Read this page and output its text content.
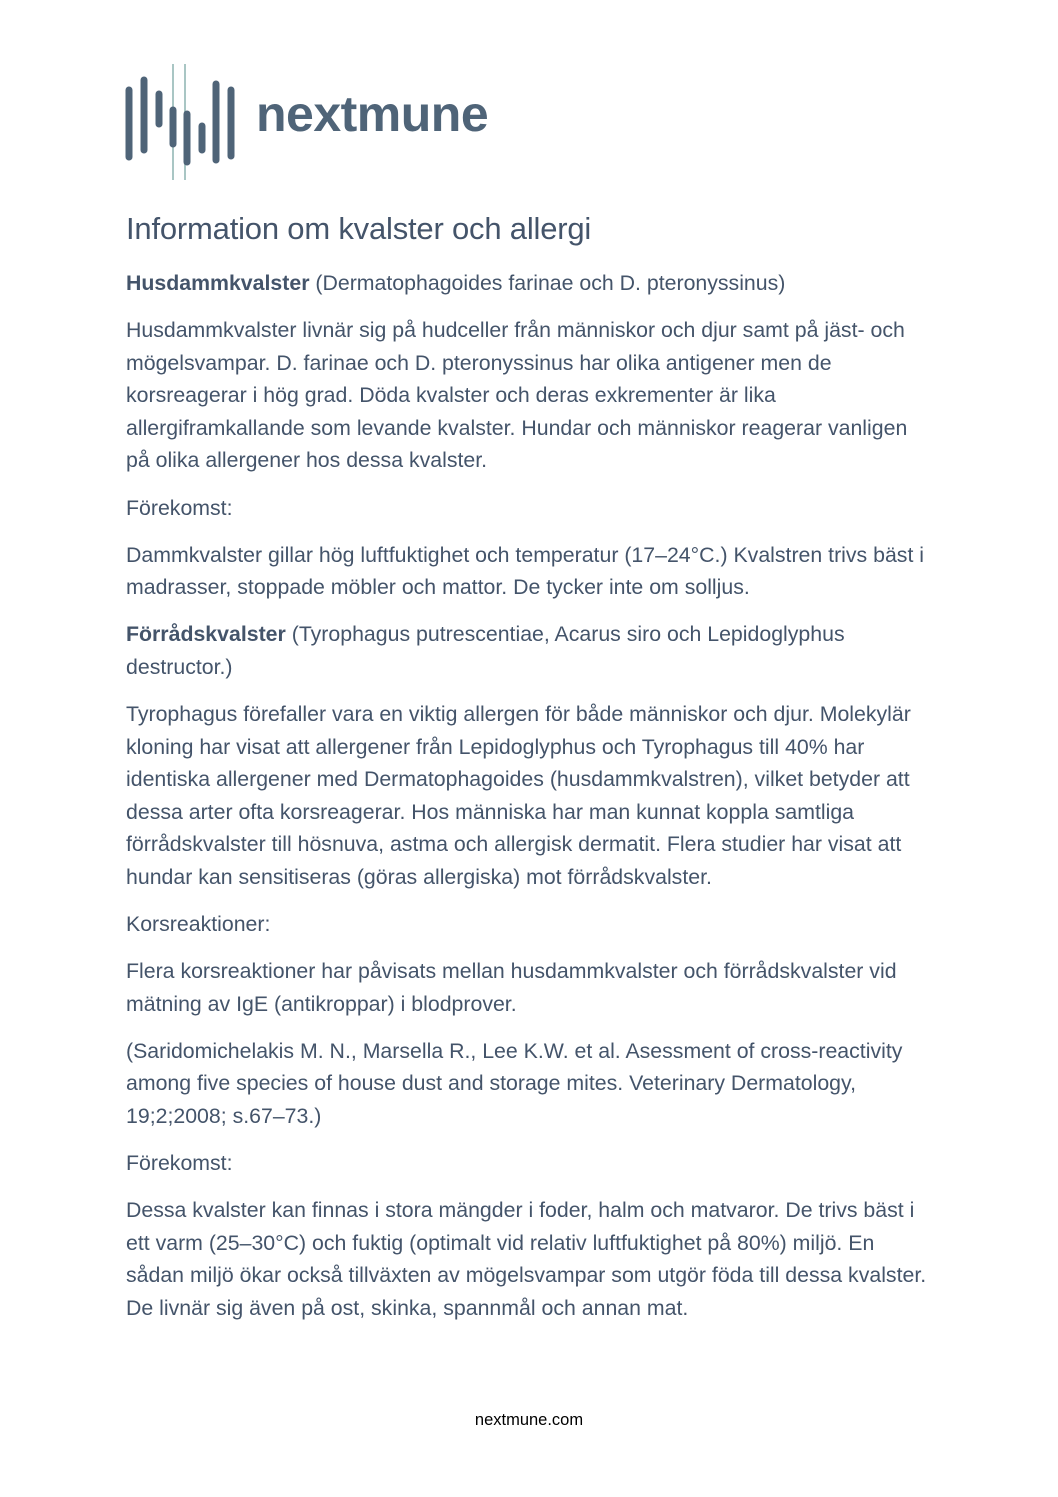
nextmune
Information om kvalster och allergi

Husdammkvalster (Dermatophagoides farinae och D. pteronyssinus)

Husdammkvalster livnär sig på hudceller från människor och djur samt på jäst- och mögelsvampar. D. farinae och D. pteronyssinus har olika antigener men de korsreagerar i hög grad. Döda kvalster och deras exkrementer är lika allergiframkallande som levande kvalster. Hundar och människor reagerar vanligen på olika allergener hos dessa kvalster.

Förekomst:

Dammkvalster gillar hög luftfuktighet och temperatur (17–24°C.) Kvalstren trivs bäst i madrasser, stoppade möbler och mattor. De tycker inte om solljus.

Förrådskvalster (Tyrophagus putrescentiae, Acarus siro och Lepidoglyphus destructor.)

Tyrophagus förefaller vara en viktig allergen för både människor och djur. Molekylär kloning har visat att allergener från Lepidoglyphus och Tyrophagus till 40% har identiska allergener med Dermatophagoides (husdammkvalstren), vilket betyder att dessa arter ofta korsreagerar. Hos människa har man kunnat koppla samtliga förrådskvalster till hösnuva, astma och allergisk dermatit. Flera studier har visat att hundar kan sensitiseras (göras allergiska) mot förrådskvalster.

Korsreaktioner:

Flera korsreaktioner har påvisats mellan husdammkvalster och förrådskvalster vid mätning av IgE (antikroppar) i blodprover.

(Saridomichelakis M. N., Marsella R., Lee K.W. et al. Asessment of cross-reactivity among five species of house dust and storage mites. Veterinary Dermatology, 19;2;2008; s.67–73.)

Förekomst:

Dessa kvalster kan finnas i stora mängder i foder, halm och matvaror. De trivs bäst i ett varm (25–30°C) och fuktig (optimalt vid relativ luftfuktighet på 80%) miljö. En sådan miljö ökar också tillväxten av mögelsvampar som utgör föda till dessa kvalster. De livnär sig även på ost, skinka, spannmål och annan mat.

nextmune.com
